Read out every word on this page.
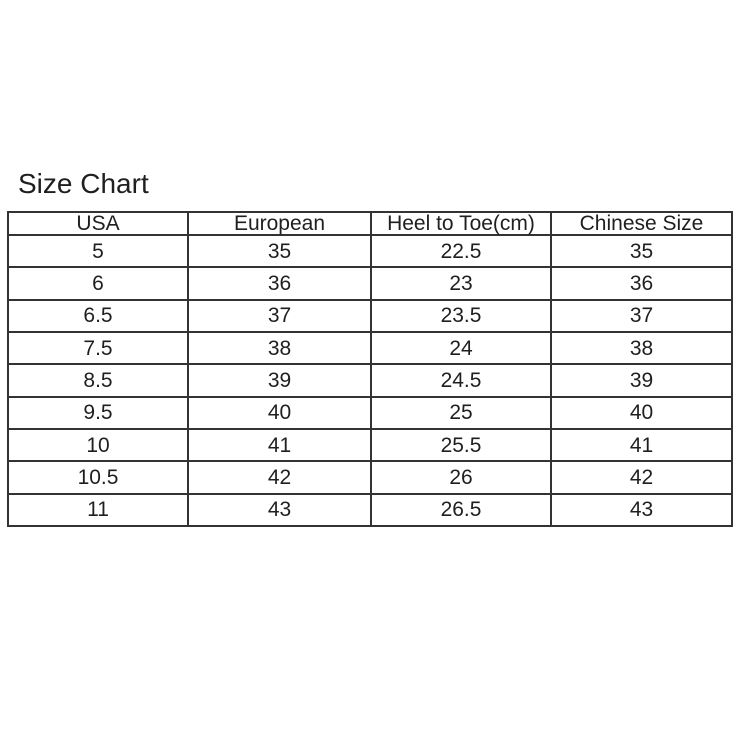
Size Chart
USA	European	Heel to Toe(cm)	Chinese Size
5	35	22.5	35
6	36	23	36
6.5	37	23.5	37
7.5	38	24	38
8.5	39	24.5	39
9.5	40	25	40
10	41	25.5	41
10.5	42	26	42
11	43	26.5	43
